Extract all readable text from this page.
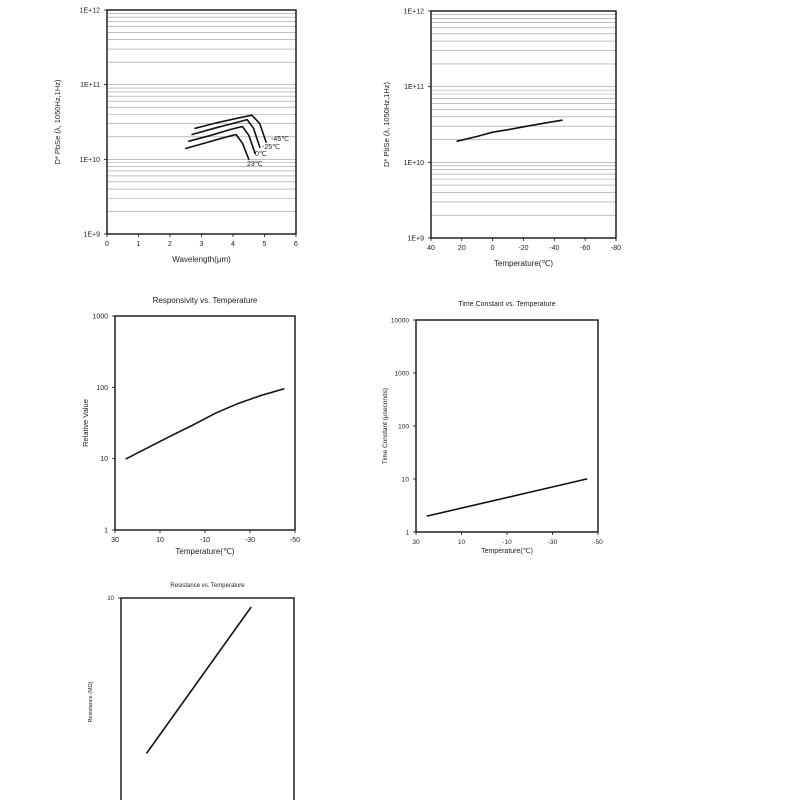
1E+9
1E+10
1E+11
1E+12
0	1	2	3	4	5	6
Wavelength(μm)
D* PbSe (λ, 1050Hz,1Hz)	-45℃
-25℃
0℃
23℃
1E+9
1E+10
1E+11
1E+12
40	20	0	-20	-40	-60	-80
Temperature(℃)
D* PbSe (λ, 1050Hz,1Hz)
1
10
100
1000
30	10	-10	-30	-50
Responsivity vs. Temperature
Temperature(℃)
Relative Value
1
10
100
1000
10000
30	10	-10	-30	-50
Time Constant vs. Temperature
Temperature(℃)
Time Constant (μseconds)
10
Resistance vs. Temperature
Resistance (MΩ)
